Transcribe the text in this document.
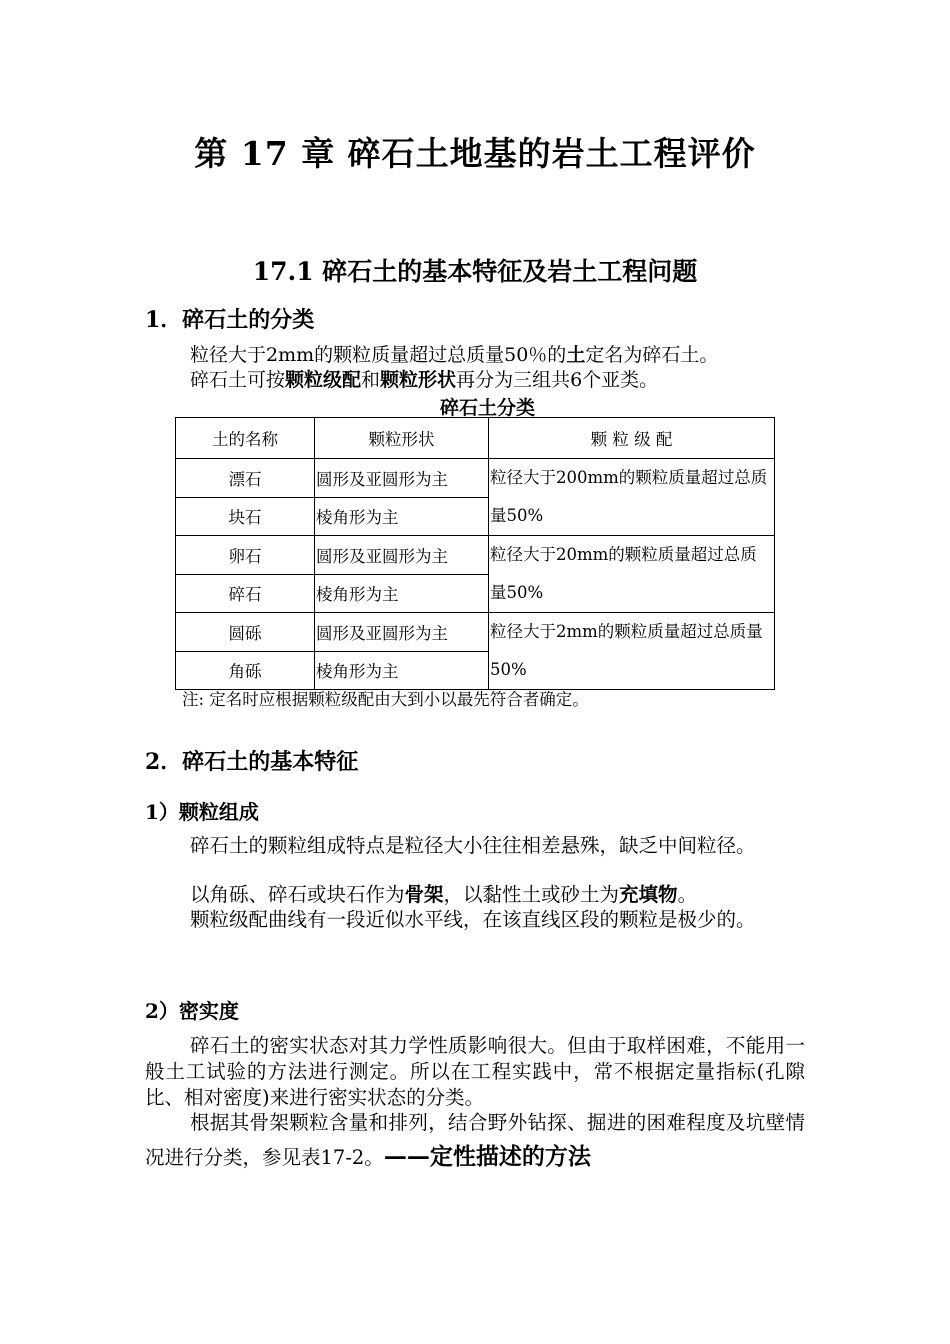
第 17 章 碎石土地基的岩土工程评价
17.1 碎石土的基本特征及岩土工程问题
1．碎石土的分类
粒径大于2mm的颗粒质量超过总质量50％的土定名为碎石土。
碎石土可按颗粒级配和颗粒形状再分为三组共6个亚类。
碎石土分类
土的名称	颗粒形状	颗 粒 级 配
漂石	圆形及亚圆形为主	粒径大于200mm的颗粒质量超过总质量50%
块石	棱角形为主	
卵石	圆形及亚圆形为主	粒径大于20mm的颗粒质量超过总质量50%
碎石	棱角形为主	
圆砾	圆形及亚圆形为主	粒径大于2mm的颗粒质量超过总质量50%
角砾	棱角形为主	
注: 定名时应根据颗粒级配由大到小以最先符合者确定。
2．碎石土的基本特征
1）颗粒组成
碎石土的颗粒组成特点是粒径大小往往相差悬殊，缺乏中间粒径。
以角砾、碎石或块石作为骨架，以黏性土或砂土为充填物。
颗粒级配曲线有一段近似水平线，在该直线区段的颗粒是极少的。
2）密实度
碎石土的密实状态对其力学性质影响很大。但由于取样困难，不能用一般土工试验的方法进行测定。所以在工程实践中，常不根据定量指标(孔隙比、相对密度)来进行密实状态的分类。
根据其骨架颗粒含量和排列，结合野外钻探、掘进的困难程度及坑壁情况进行分类，参见表17-2。——定性描述的方法
